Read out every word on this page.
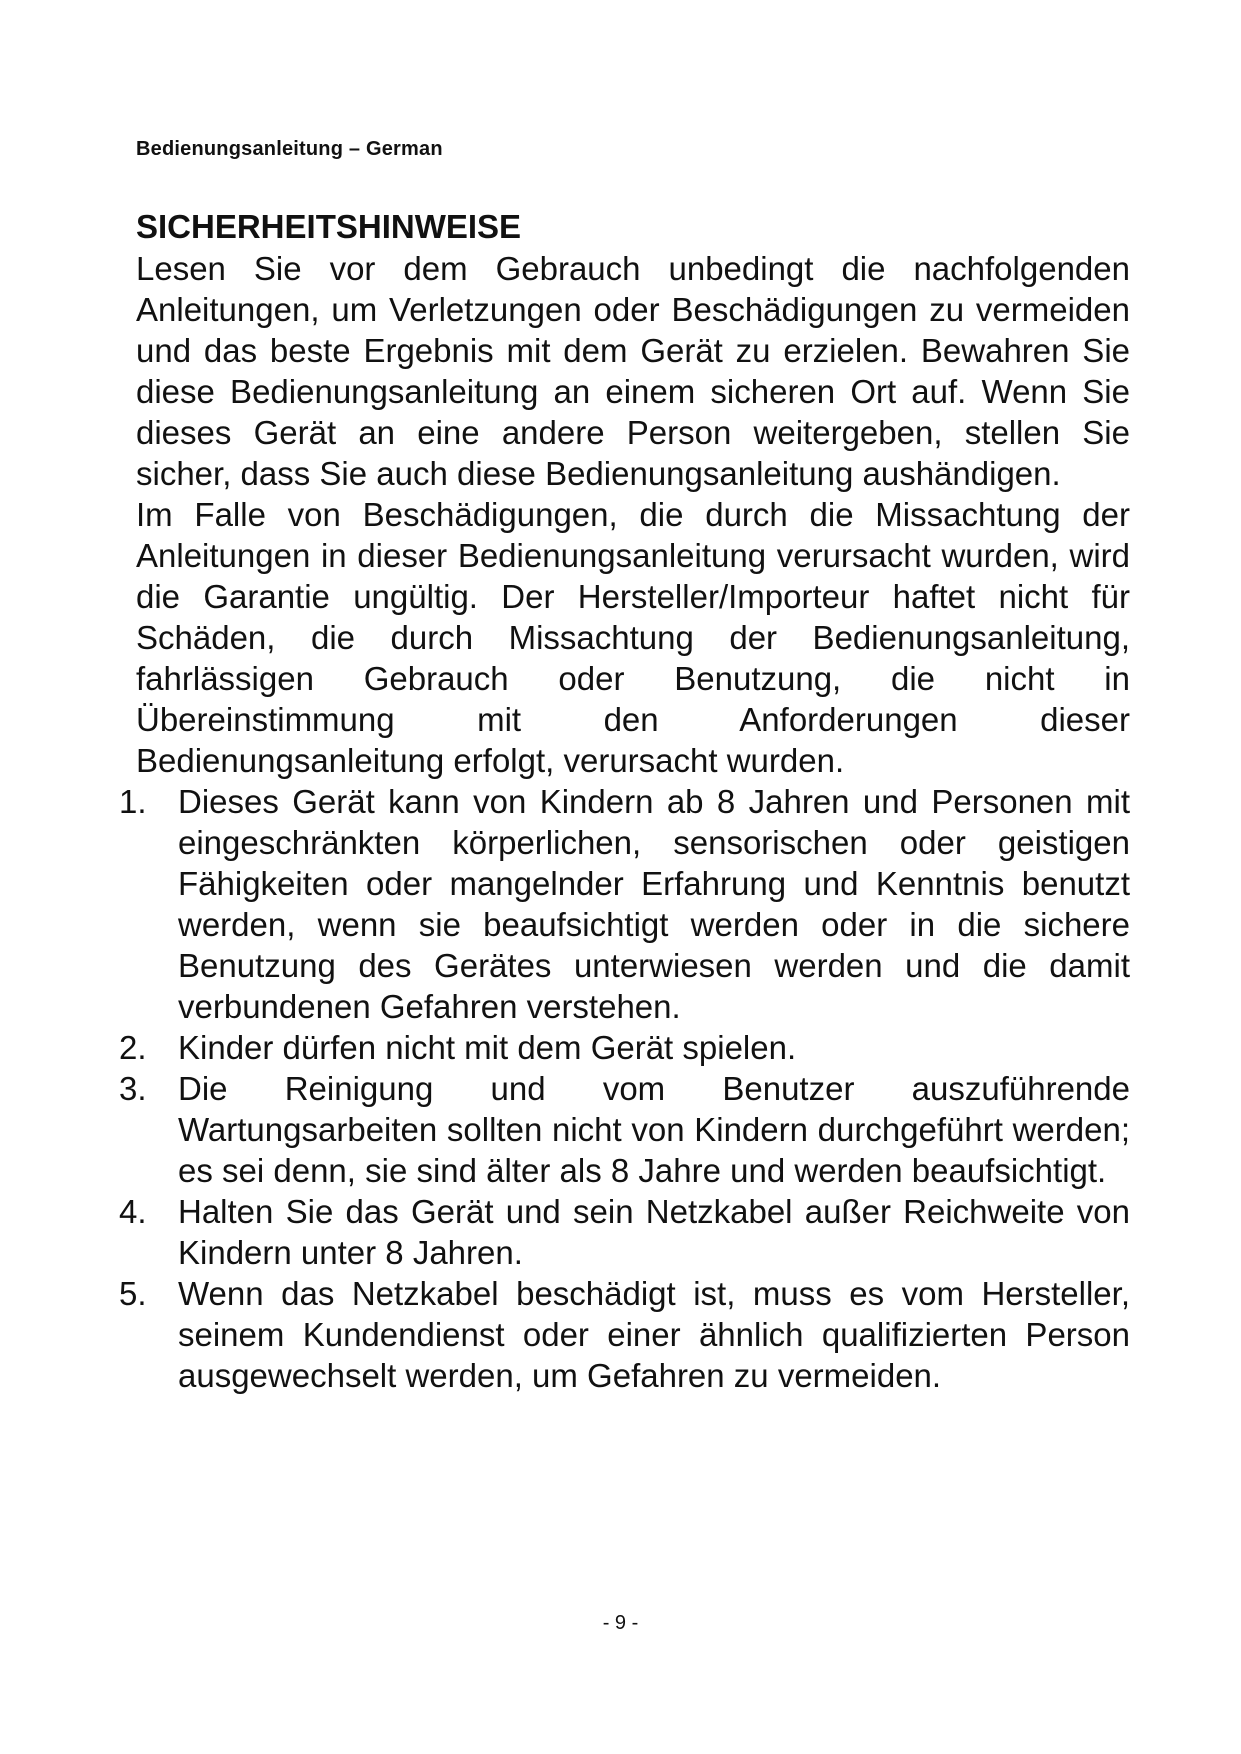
Bedienungsanleitung – German
SICHERHEITSHINWEISE

Lesen Sie vor dem Gebrauch unbedingt die nachfolgenden Anleitungen, um Verletzungen oder Beschädigungen zu vermeiden und das beste Ergebnis mit dem Gerät zu erzielen. Bewahren Sie diese Bedienungsanleitung an einem sicheren Ort auf. Wenn Sie dieses Gerät an eine andere Person weitergeben, stellen Sie sicher, dass Sie auch diese Bedienungsanleitung aushändigen.

Im Falle von Beschädigungen, die durch die Missachtung der Anleitungen in dieser Bedienungsanleitung verursacht wurden, wird die Garantie ungültig. Der Hersteller/Importeur haftet nicht für Schäden, die durch Missachtung der Bedienungsanleitung, fahrlässigen Gebrauch oder Benutzung, die nicht in Übereinstimmung mit den Anforderungen dieser Bedienungsanleitung erfolgt, verursacht wurden.

1. Dieses Gerät kann von Kindern ab 8 Jahren und Personen mit eingeschränkten körperlichen, sensorischen oder geistigen Fähigkeiten oder mangelnder Erfahrung und Kenntnis benutzt werden, wenn sie beaufsichtigt werden oder in die sichere Benutzung des Gerätes unterwiesen werden und die damit verbundenen Gefahren verstehen.
2. Kinder dürfen nicht mit dem Gerät spielen.
3. Die Reinigung und vom Benutzer auszuführende Wartungsarbeiten sollten nicht von Kindern durchgeführt werden; es sei denn, sie sind älter als 8 Jahre und werden beaufsichtigt.
4. Halten Sie das Gerät und sein Netzkabel außer Reichweite von Kindern unter 8 Jahren.
5. Wenn das Netzkabel beschädigt ist, muss es vom Hersteller, seinem Kundendienst oder einer ähnlich qualifizierten Person ausgewechselt werden, um Gefahren zu vermeiden.
- 9 -
